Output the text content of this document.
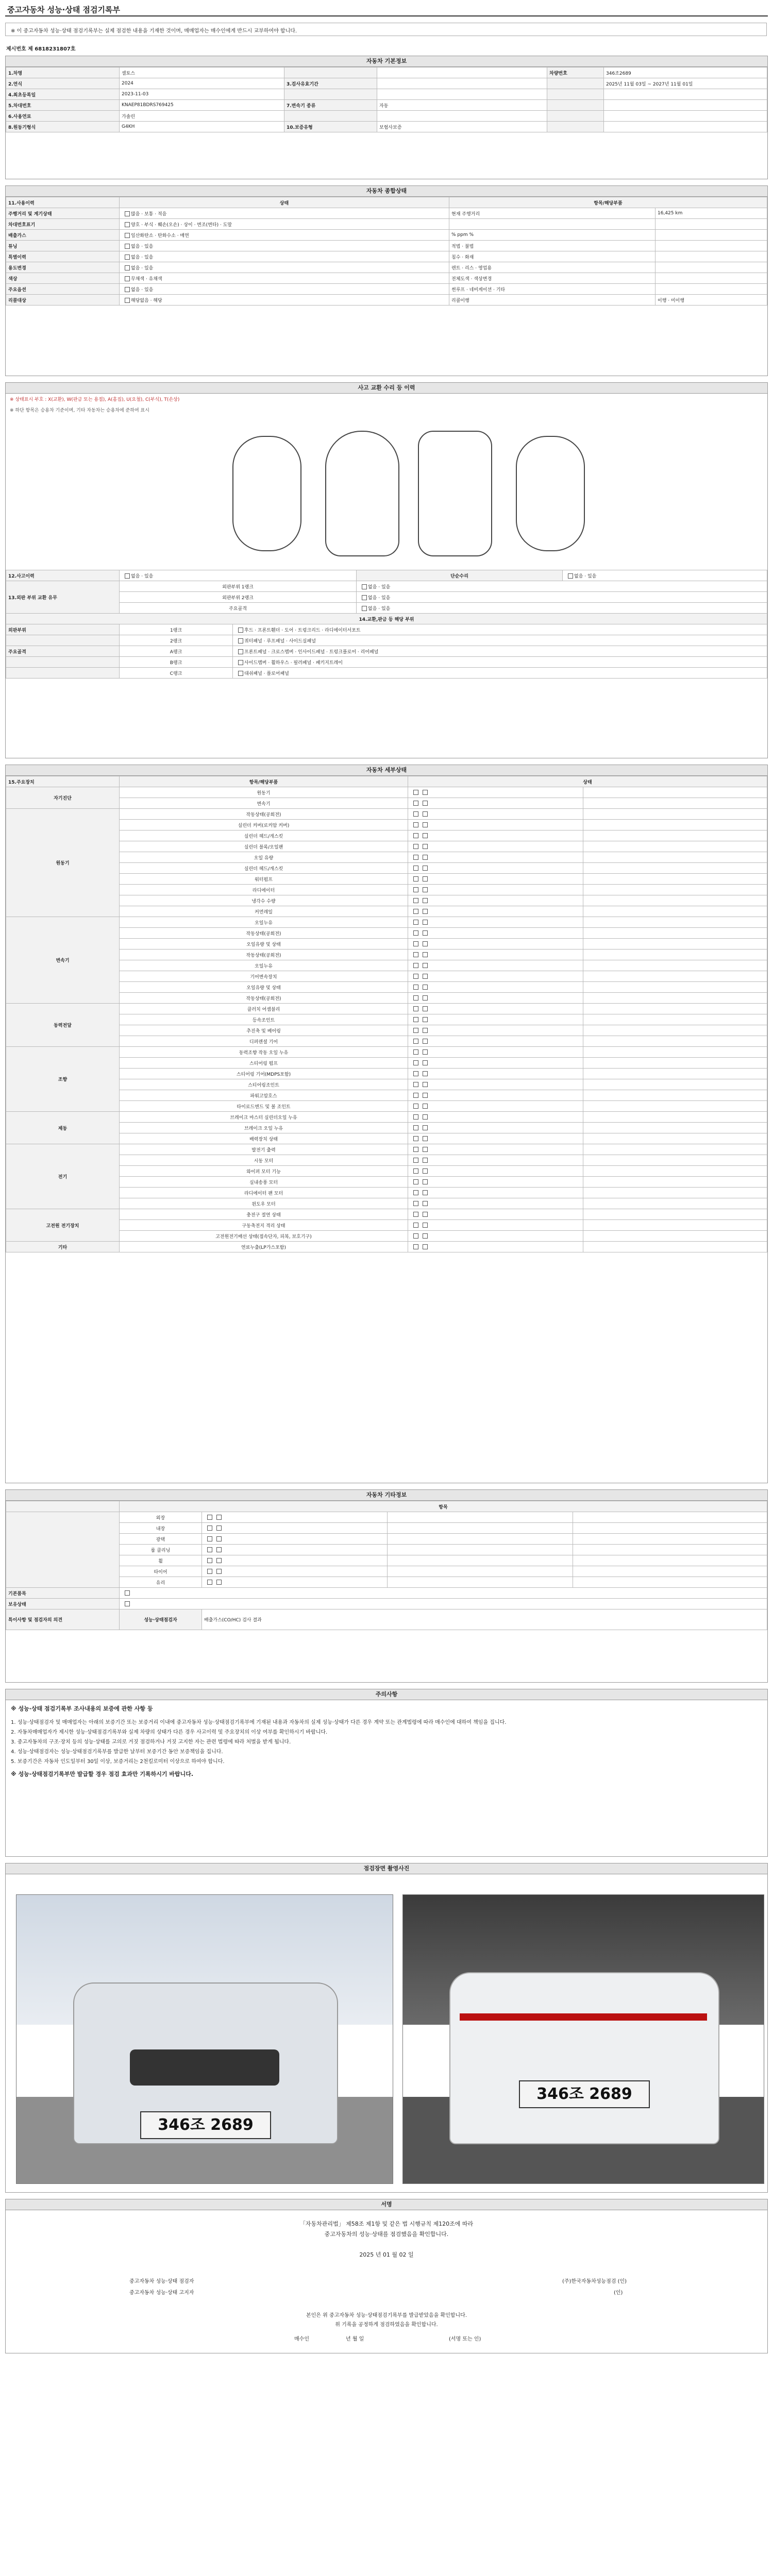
중고자동차 성능·상태 점검기록부
※ 이 중고자동차 성능·상태 점검기록부는 실제 점검한 내용을 기재한 것이며, 매매업자는 매수인에게 반드시 교부하여야 합니다.
제시번호 제 6818231807호
자동차 기본정보
1.차명	셀토스			차량번호	346조2689
2.연식	2024	3.검사유효기간			2025년 11월 03일 ~ 2027년 11월 01일
4.최초등록일	2023-11-03				
5.차대번호	KNAEP81BDRS769425	7.변속기 종류	자동		
6.사용연료	가솔린				
8.원동기형식	G4KH	10.보증유형	보험사보증		
자동차 종합상태
11.사용이력	상태	항목/해당부품	
주행거리 및 계기상태	많음 · 보통 · 적음	현재 주행거리	16,425 km
차대번호표기	양호 · 부식 · 훼손(오손) · 상이 · 변조(변타) · 도말		
배출가스	일산화탄소 · 탄화수소 · 매연	% ppm %	
튜닝	없음 · 있음	적법 · 불법	
특별이력	없음 · 있음	침수 · 화재	
용도변경	없음 · 있음	렌트 · 리스 · 영업용	
색상	무채색 · 유채색	전체도색 · 색상변경	
주요옵션	없음 · 있음	썬루프 · 네비게이션 · 기타	
리콜대상	해당없음 · 해당	리콜이행	이행 · 미이행
사고 교환 수리 등 이력
※ 상태표시 부호 : X(교환), W(판금 또는 용접), A(흠집), U(요철), C(부식), T(손상)
※ 하단 항목은 승용차 기준이며, 기타 자동차는 승용차에 준하여 표시
12.사고이력	없음 · 있음		단순수리	없음 · 있음
13.외판 부위 교환 유무	외판부위 1랭크		없음 · 있음	
	외판부위 2랭크		없음 · 있음	
	주요골격		없음 · 있음	
14.교환,판금 등 해당 부위				
외판부위	1랭크	후드 · 프론트휀더 · 도어 · 트렁크리드 · 라디에이터서포트		
	2랭크	쿼터패널 · 루프패널 · 사이드실패널		
주요골격	A랭크	프론트패널 · 크로스멤버 · 인사이드패널 · 트렁크플로어 · 리어패널		
	B랭크	사이드멤버 · 휠하우스 · 필러패널 · 패키지트레이		
	C랭크	대쉬패널 · 플로어패널		
자동차 세부상태
15.주요장치	항목/해당부품	상태	
자기진단	원동기		
	변속기		
원동기	작동상태(공회전)		
	실린더 커버(로커암 커버)		
	실린더 헤드/개스킷		
	실린더 블록/오일팬		
	오일 유량		
	실린더 헤드/개스킷		
	워터펌프		
	라디에이터		
	냉각수 수량		
	커먼레일		
변속기	오일누유		
	작동상태(공회전)		
	오일유량 및 상태		
	작동상태(공회전)		
	오일누유		
	기어변속장치		
	오일유량 및 상태		
	작동상태(공회전)		
동력전달	클러치 어셈블리		
	등속조인트		
	추진축 및 베어링		
	디퍼렌셜 기어		
조향	동력조향 작동 오일 누유		
	스티어링 펌프		
	스티어링 기어(MDPS포함)		
	스티어링조인트		
	파워고압호스		
	타이로드엔드 및 볼 조인트		
제동	브레이크 마스터 실린더오일 누유		
	브레이크 오일 누유		
	배력장치 상태		
전기	발전기 출력		
	시동 모터		
	와이퍼 모터 기능		
	실내송풍 모터		
	라디에이터 팬 모터		
	윈도우 모터		
고전원 전기장치	충전구 절연 상태		
	구동축전지 격리 상태		
	고전원전기배선 상태(접속단자, 피복, 보호기구)		
기타	연료누출(LP가스포함)		
자동차 기타정보
	항목			
	외장			
	내장			
	광택			
	룸 클리닝			
	휠			
	타이어			
	유리			
기본품목				
보유상태				
특이사항 및 점검자의 의견	성능·상태점검자	배출가스(CO/HC) 검사 결과		
주의사항
※ 성능·상태 점검기록부 조사내용의 보증에 관한 사항 등
1. 성능·상태점검자 및 매매업자는 아래의 보증기간 또는 보증거리 이내에 중고자동차 성능·상태점검기록부에 기재된 내용과 자동차의 실제 성능·상태가 다른 경우 계약 또는 관계법령에 따라 매수인에 대하여 책임을 집니다.
2. 자동차매매업자가 제시한 성능·상태점검기록부와 실제 차량의 상태가 다른 경우 사고이력 및 주요장치의 이상 여부를 확인하시기 바랍니다.
3. 중고자동차의 구조·장치 등의 성능·상태를 고의로 거짓 점검하거나 거짓 고지한 자는 관련 법령에 따라 처벌을 받게 됩니다.
4. 성능·상태점검자는 성능·상태점검기록부를 발급한 날부터 보증기간 동안 보증책임을 집니다.
5. 보증기간은 자동차 인도일부터 30일 이상, 보증거리는 2천킬로미터 이상으로 하여야 합니다.
※ 성능·상태점검기록부만 발급할 경우 점검 효과만 기록하시기 바랍니다.
점검장면 촬영사진
346조 2689
346조 2689
서명
「자동차관리법」 제58조 제1항 및 같은 법 시행규칙 제120조에 따라
중고자동차의 성능·상태를 점검했음을 확인합니다.
2025 년 01 월 02 일
중고자동차 성능·상태 점검자	(주)한국자동차성능점검 (인)
중고자동차 성능·상태 고지자	(인)
본인은 위 중고자동차 성능·상태점검기록부를 발급받았음을 확인합니다.
위 기록을 공정하게 점검하였음을 확인합니다.
매수인	년 월 일	(서명 또는 인)
